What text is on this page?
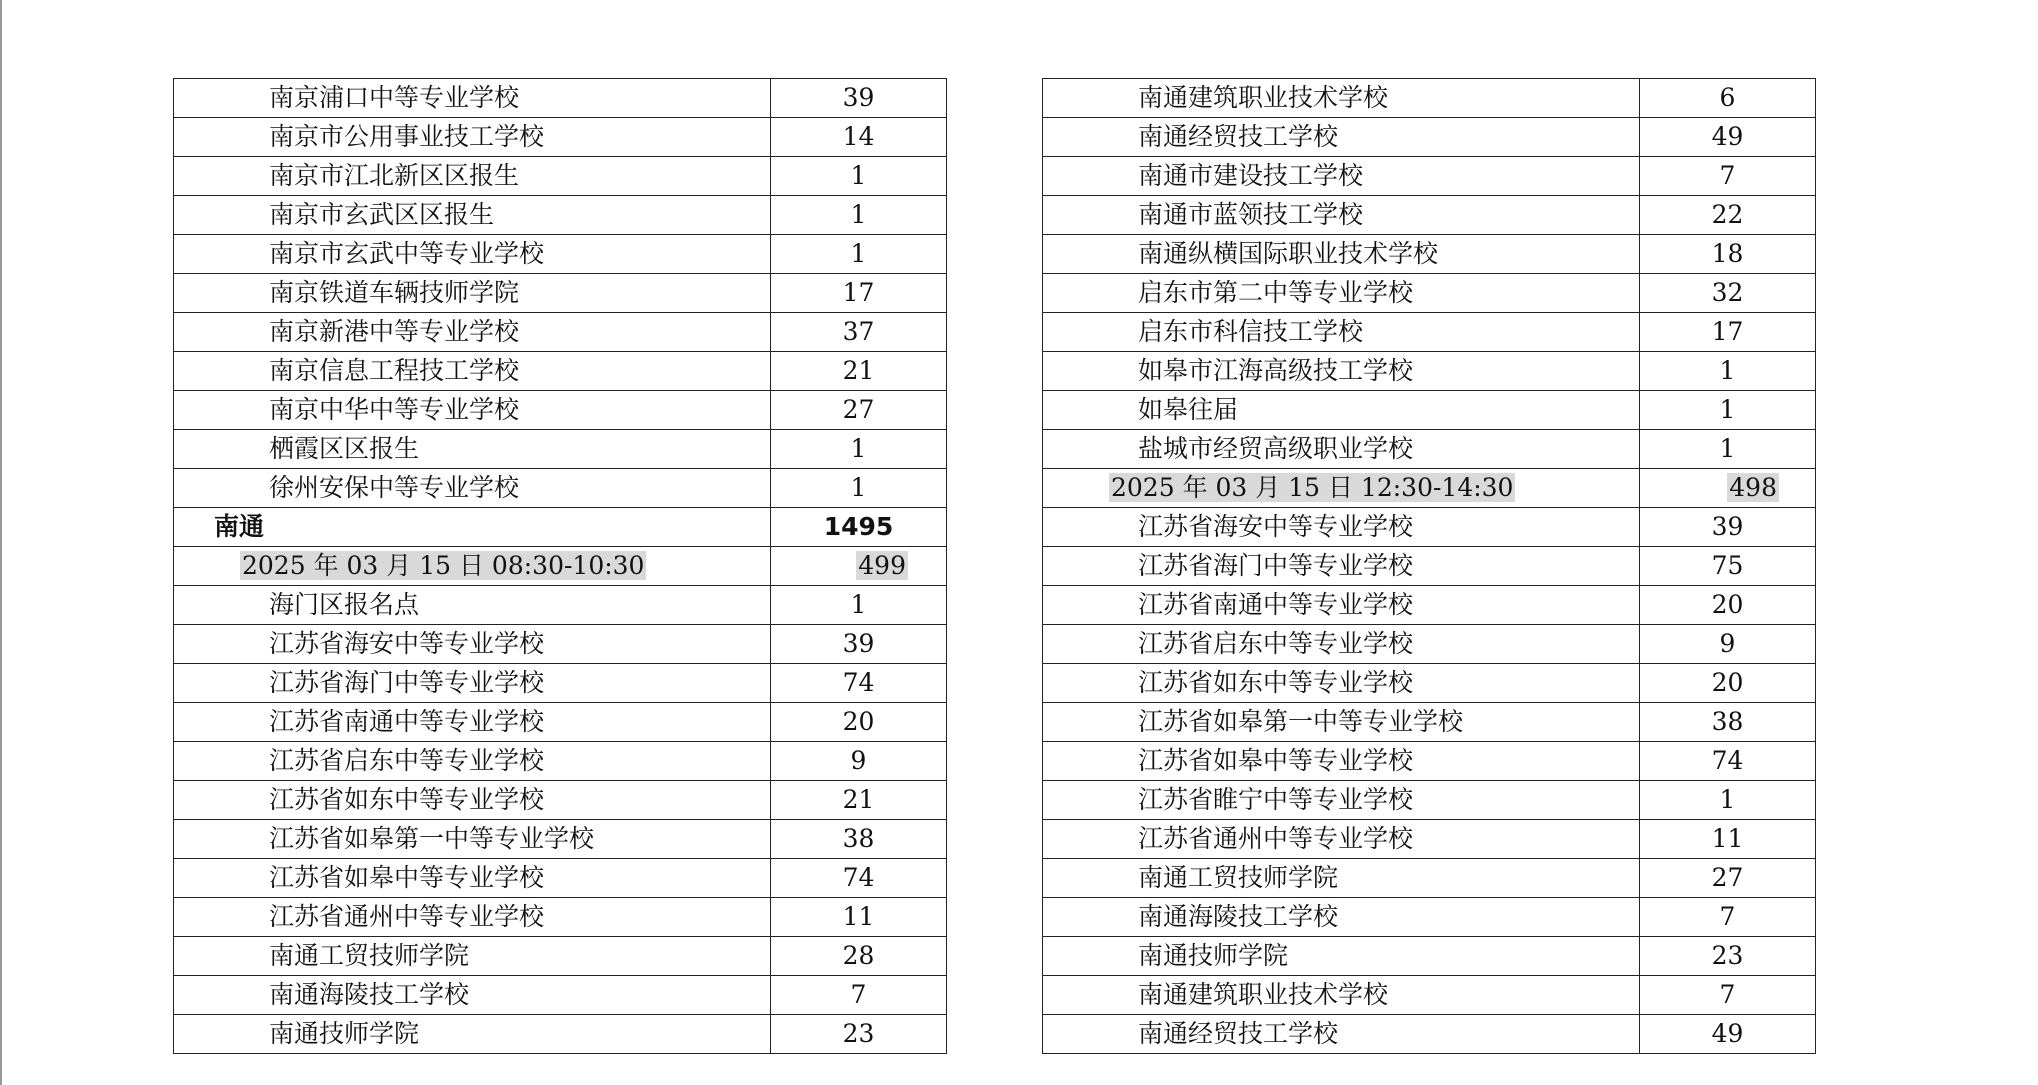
南京浦口中等专业学校	39
南京市公用事业技工学校	14
南京市江北新区区报生	1
南京市玄武区区报生	1
南京市玄武中等专业学校	1
南京铁道车辆技师学院	17
南京新港中等专业学校	37
南京信息工程技工学校	21
南京中华中等专业学校	27
栖霞区区报生	1
徐州安保中等专业学校	1
南通	1495
2025 年 03 月 15 日 08:30-10:30	499
海门区报名点	1
江苏省海安中等专业学校	39
江苏省海门中等专业学校	74
江苏省南通中等专业学校	20
江苏省启东中等专业学校	9
江苏省如东中等专业学校	21
江苏省如皋第一中等专业学校	38
江苏省如皋中等专业学校	74
江苏省通州中等专业学校	11
南通工贸技师学院	28
南通海陵技工学校	7
南通技师学院	23
南通建筑职业技术学校	6
南通经贸技工学校	49
南通市建设技工学校	7
南通市蓝领技工学校	22
南通纵横国际职业技术学校	18
启东市第二中等专业学校	32
启东市科信技工学校	17
如皋市江海高级技工学校	1
如皋往届	1
盐城市经贸高级职业学校	1
2025 年 03 月 15 日 12:30-14:30	498
江苏省海安中等专业学校	39
江苏省海门中等专业学校	75
江苏省南通中等专业学校	20
江苏省启东中等专业学校	9
江苏省如东中等专业学校	20
江苏省如皋第一中等专业学校	38
江苏省如皋中等专业学校	74
江苏省睢宁中等专业学校	1
江苏省通州中等专业学校	11
南通工贸技师学院	27
南通海陵技工学校	7
南通技师学院	23
南通建筑职业技术学校	7
南通经贸技工学校	49
